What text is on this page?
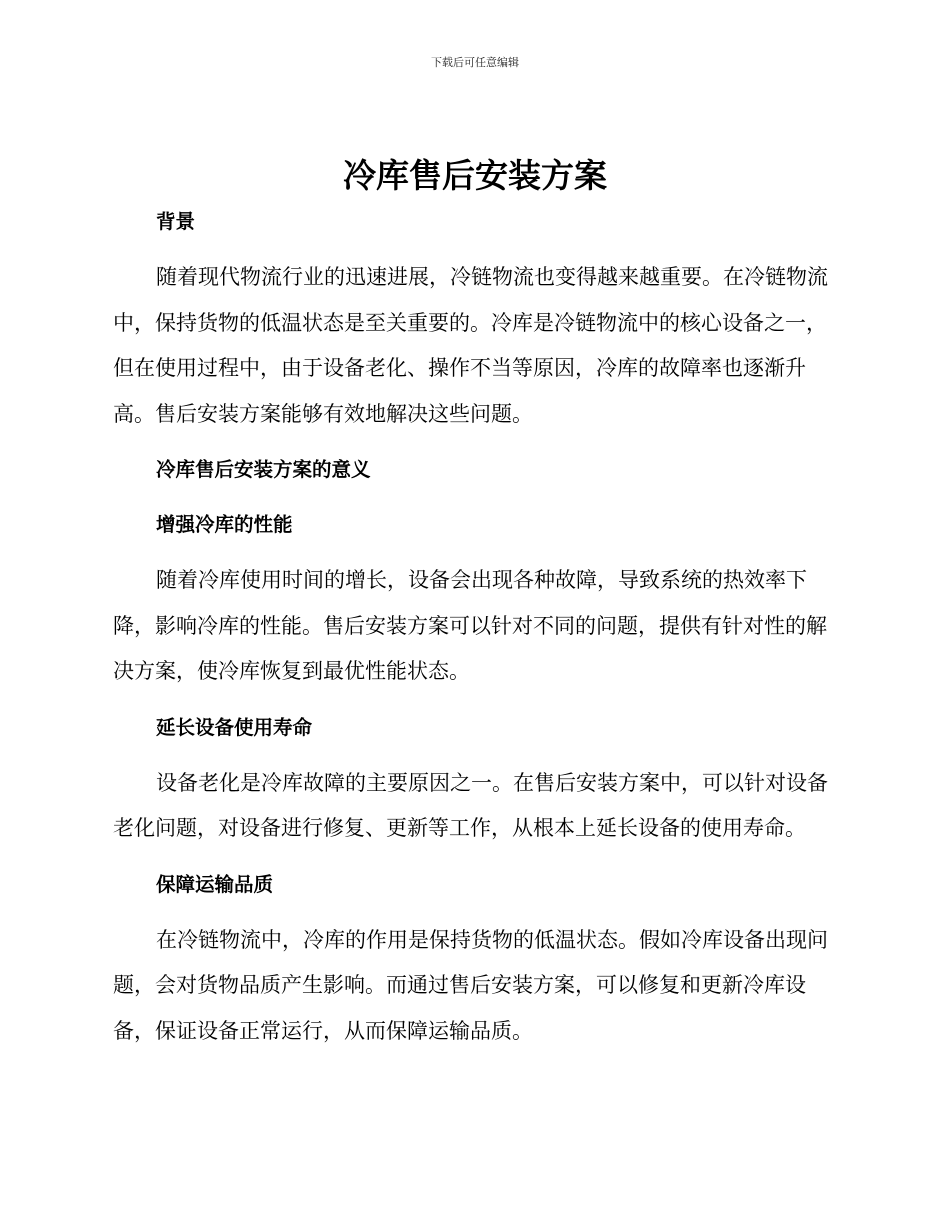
下载后可任意编辑
冷库售后安装方案
背景

随着现代物流行业的迅速进展，冷链物流也变得越来越重要。在冷链物流中，保持货物的低温状态是至关重要的。冷库是冷链物流中的核心设备之一，但在使用过程中，由于设备老化、操作不当等原因，冷库的故障率也逐渐升高。售后安装方案能够有效地解决这些问题。

冷库售后安装方案的意义
增强冷库的性能

随着冷库使用时间的增长，设备会出现各种故障，导致系统的热效率下降，影响冷库的性能。售后安装方案可以针对不同的问题，提供有针对性的解决方案，使冷库恢复到最优性能状态。

延长设备使用寿命

设备老化是冷库故障的主要原因之一。在售后安装方案中，可以针对设备老化问题，对设备进行修复、更新等工作，从根本上延长设备的使用寿命。

保障运输品质

在冷链物流中，冷库的作用是保持货物的低温状态。假如冷库设备出现问题，会对货物品质产生影响。而通过售后安装方案，可以修复和更新冷库设备，保证设备正常运行，从而保障运输品质。
